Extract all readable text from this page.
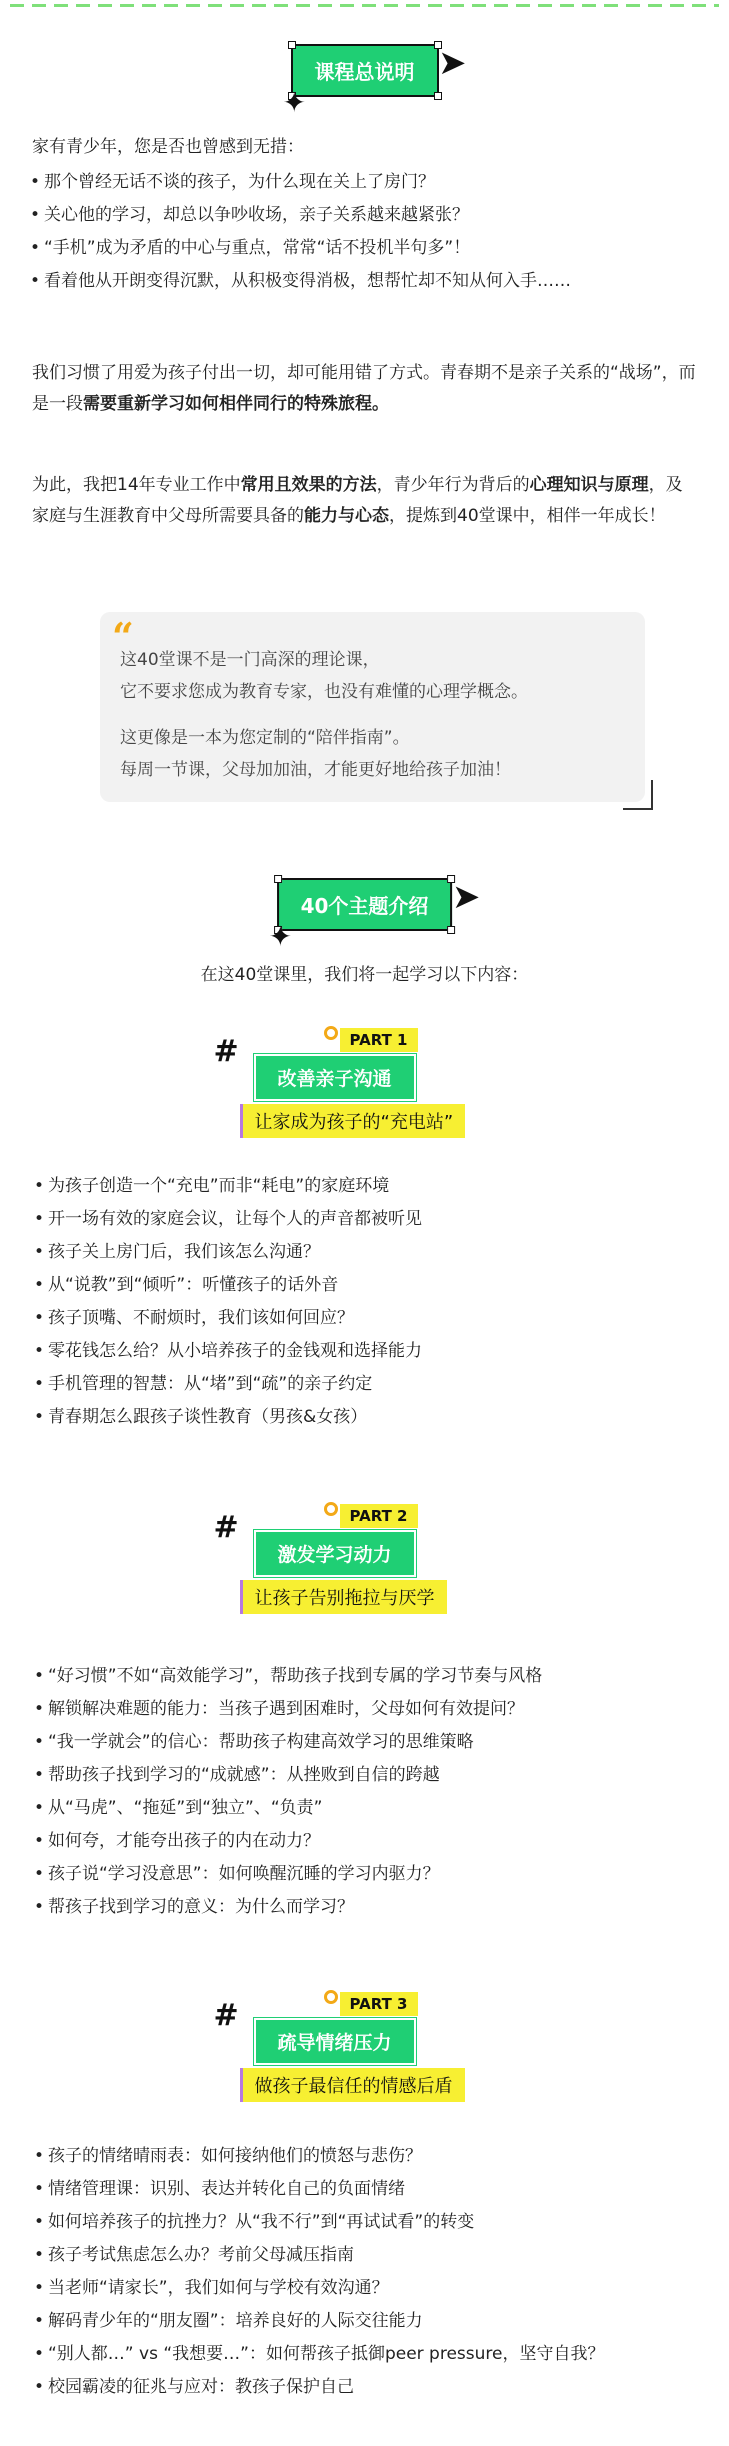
课程总说明
✦
➤
家有青少年，您是否也曾感到无措：
• 那个曾经无话不谈的孩子，为什么现在关上了房门？
• 关心他的学习，却总以争吵收场，亲子关系越来越紧张？
• “手机”成为矛盾的中心与重点，常常“话不投机半句多”！
• 看着他从开朗变得沉默，从积极变得消极，想帮忙却不知从何入手……
我们习惯了用爱为孩子付出一切，却可能用错了方式。青春期不是亲子关系的“战场”，而是一段需要重新学习如何相伴同行的特殊旅程。
为此，我把14年专业工作中常用且效果的方法，青少年行为背后的心理知识与原理，及家庭与生涯教育中父母所需要具备的能力与心态，提炼到40堂课中，相伴一年成长！
“

这40堂课不是一门高深的理论课，

它不要求您成为教育专家，也没有难懂的心理学概念。

这更像是一本为您定制的“陪伴指南”。

每周一节课，父母加加油，才能更好地给孩子加油！

40个主题介绍
✦
➤
在这40堂课里，我们将一起学习以下内容：
#	PART 1
改善亲子沟通
让家成为孩子的“充电站”
• 为孩子创造一个“充电”而非“耗电”的家庭环境
• 开一场有效的家庭会议，让每个人的声音都被听见
• 孩子关上房门后，我们该怎么沟通？
• 从“说教”到“倾听”：听懂孩子的话外音
• 孩子顶嘴、不耐烦时，我们该如何回应？
• 零花钱怎么给？从小培养孩子的金钱观和选择能力
• 手机管理的智慧：从“堵”到“疏”的亲子约定
• 青春期怎么跟孩子谈性教育（男孩&女孩）
#	PART 2
激发学习动力
让孩子告别拖拉与厌学
• “好习惯”不如“高效能学习”，帮助孩子找到专属的学习节奏与风格
• 解锁解决难题的能力：当孩子遇到困难时，父母如何有效提问？
• “我一学就会”的信心：帮助孩子构建高效学习的思维策略
• 帮助孩子找到学习的“成就感”：从挫败到自信的跨越
• 从“马虎”、“拖延”到“独立”、“负责”
• 如何夸，才能夸出孩子的内在动力？
• 孩子说“学习没意思”：如何唤醒沉睡的学习内驱力？
• 帮孩子找到学习的意义：为什么而学习？
#	PART 3
疏导情绪压力
做孩子最信任的情感后盾
• 孩子的情绪晴雨表：如何接纳他们的愤怒与悲伤？
• 情绪管理课：识别、表达并转化自己的负面情绪
• 如何培养孩子的抗挫力？从“我不行”到“再试试看”的转变
• 孩子考试焦虑怎么办？考前父母减压指南
• 当老师“请家长”，我们如何与学校有效沟通？
• 解码青少年的“朋友圈”：培养良好的人际交往能力
• “别人都…” vs “我想要…”：如何帮孩子抵御peer pressure，坚守自我？
• 校园霸凌的征兆与应对：教孩子保护自己
